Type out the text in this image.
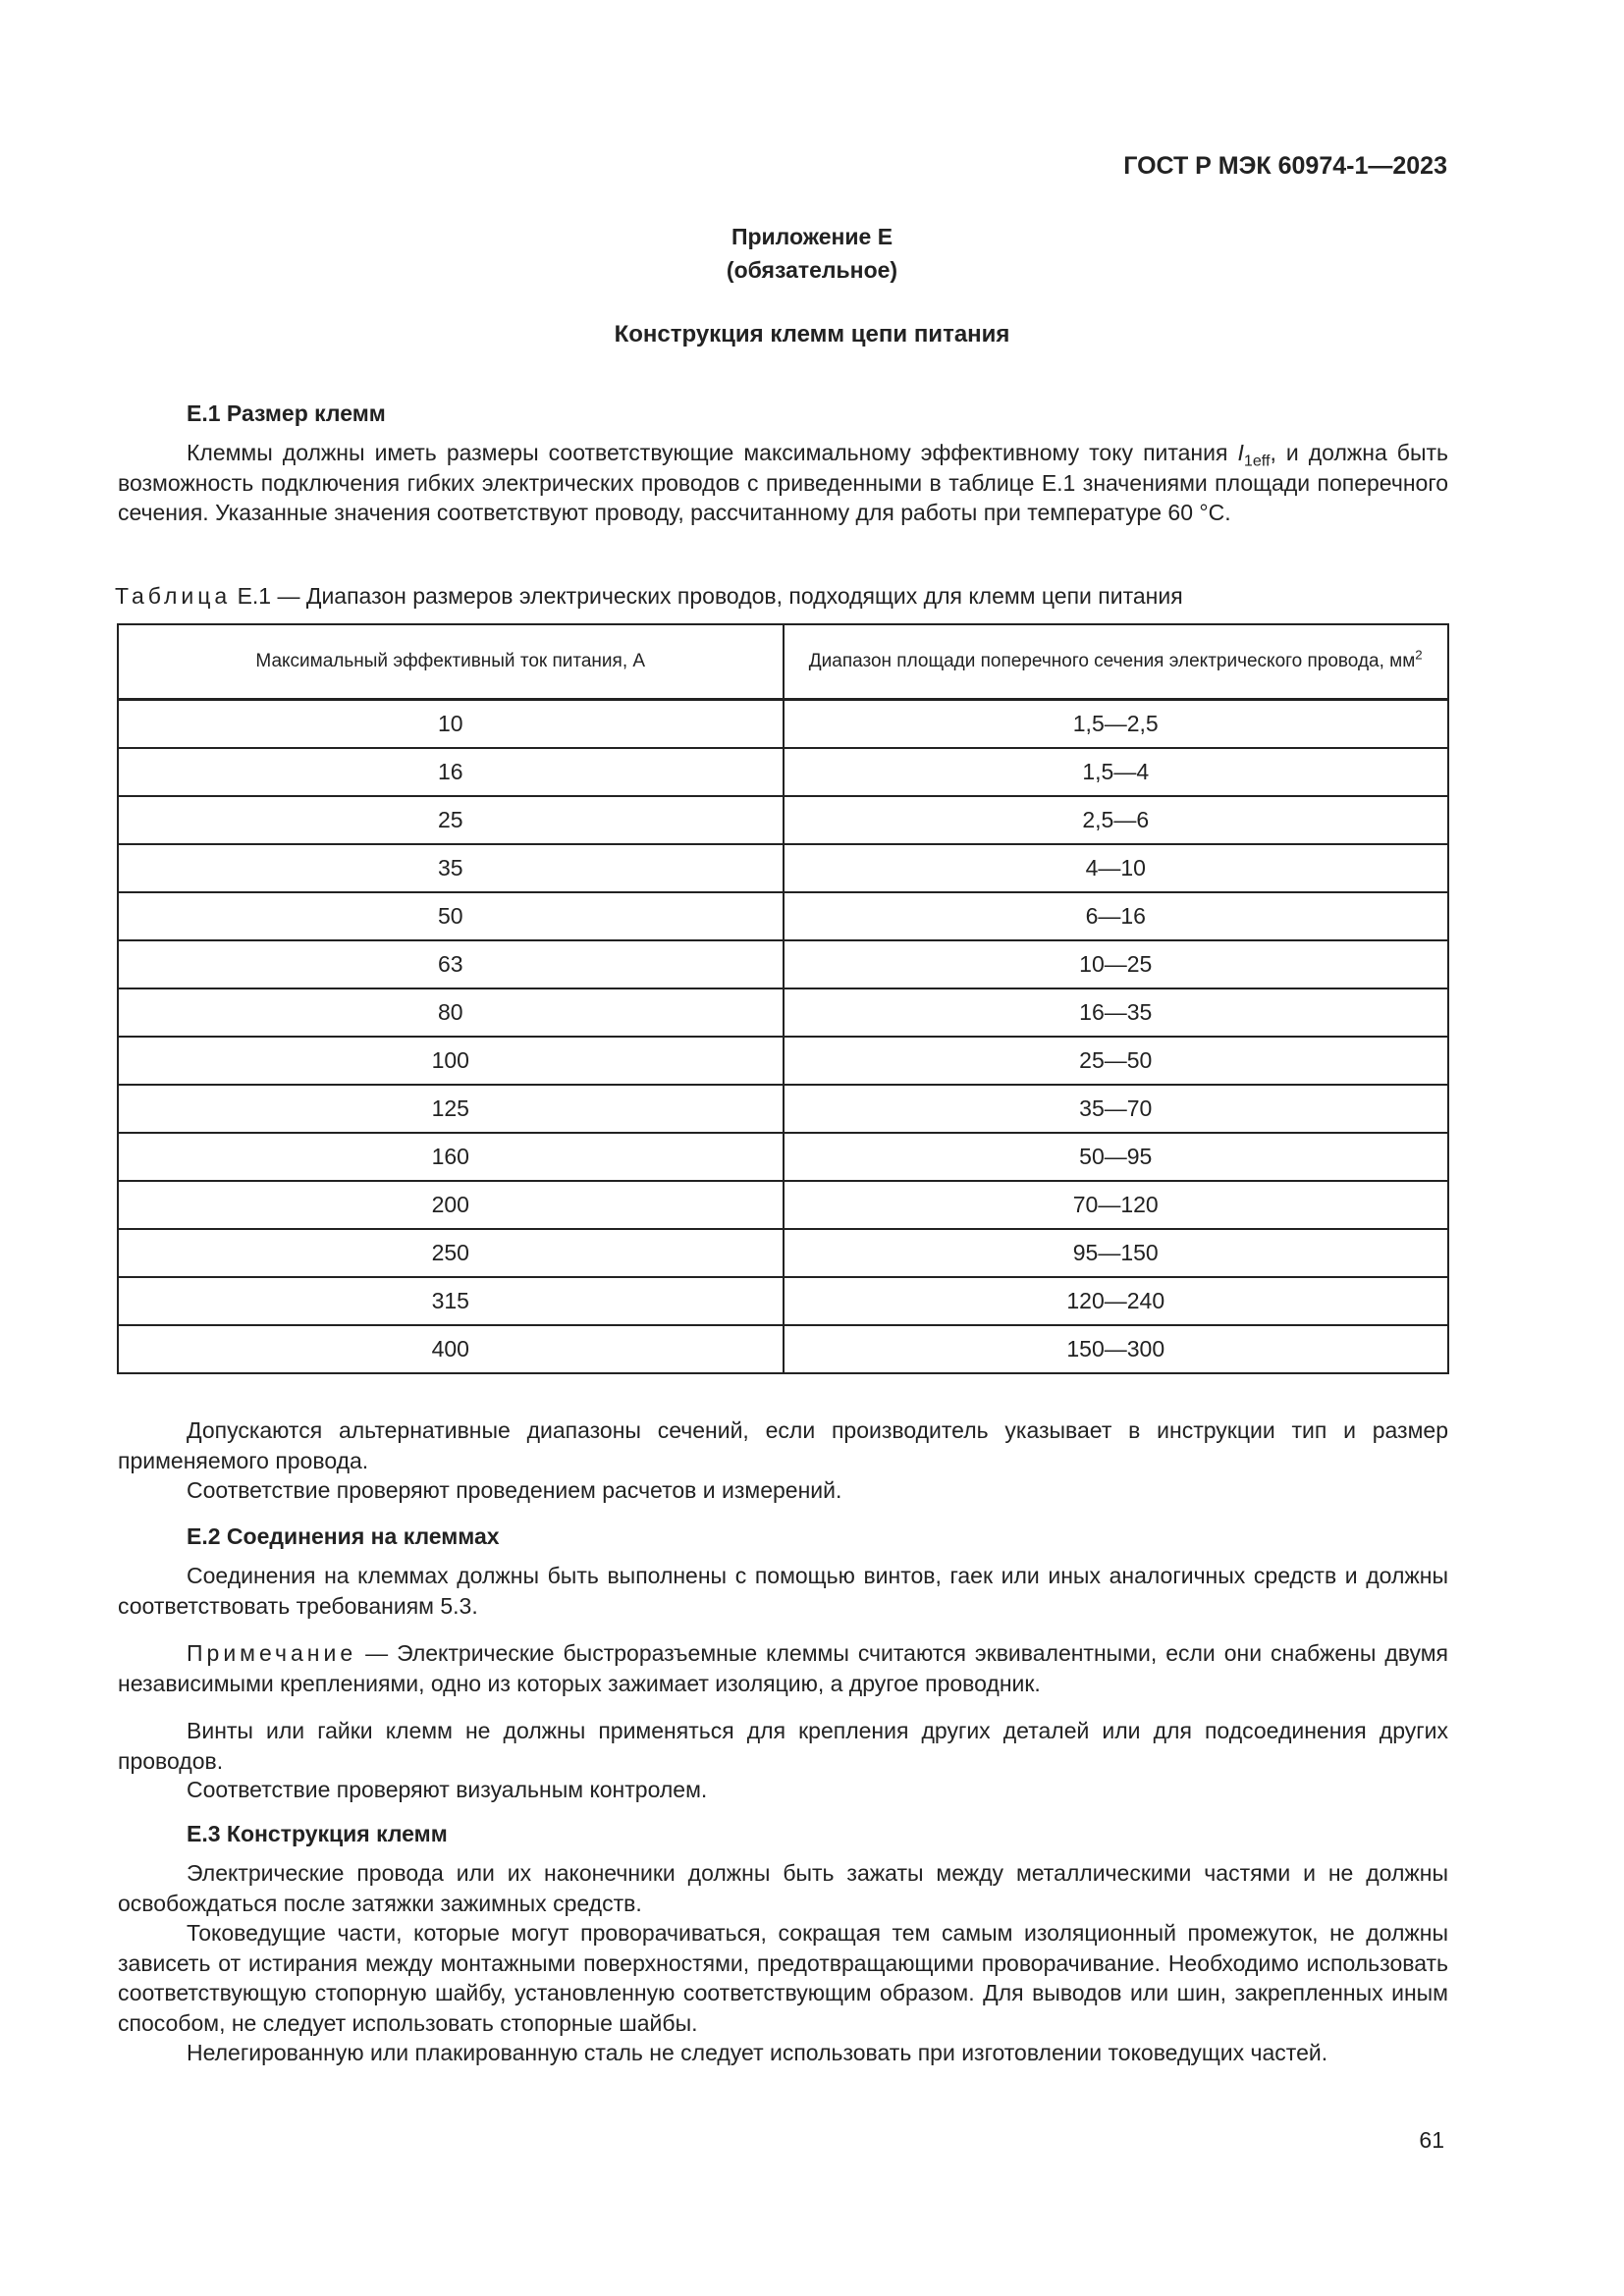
ГОСТ Р МЭК 60974-1—2023
Приложение Е
(обязательное)
Конструкция клемм цепи питания
Е.1 Размер клемм
Клеммы должны иметь размеры соответствующие максимальному эффективному току питания $I_{1eff}$, и должна быть возможность подключения гибких электрических проводов с приведенными в таблице Е.1 значениями площади поперечного сечения. Указанные значения соответствуют проводу, рассчитанному для работы при температуре 60 °С.
Таблица Е.1 — Диапазон размеров электрических проводов, подходящих для клемм цепи питания
Максимальный эффективный ток питания, А	Диапазон площади поперечного сечения электрического провода, $мм^2$
10	1,5—2,5
16	1,5—4
25	2,5—6
35	4—10
50	6—16
63	10—25
80	16—35
100	25—50
125	35—70
160	50—95
200	70—120
250	95—150
315	120—240
400	150—300
Допускаются альтернативные диапазоны сечений, если производитель указывает в инструкции тип и размер применяемого провода.
Соответствие проверяют проведением расчетов и измерений.
Е.2 Соединения на клеммах
Соединения на клеммах должны быть выполнены с помощью винтов, гаек или иных аналогичных средств и должны соответствовать требованиям 5.3.
Примечание — Электрические быстроразъемные клеммы считаются эквивалентными, если они снабжены двумя независимыми креплениями, одно из которых зажимает изоляцию, а другое проводник.
Винты или гайки клемм не должны применяться для крепления других деталей или для подсоединения других проводов.
Соответствие проверяют визуальным контролем.
Е.3 Конструкция клемм
Электрические провода или их наконечники должны быть зажаты между металлическими частями и не должны освобождаться после затяжки зажимных средств.
Токоведущие части, которые могут проворачиваться, сокращая тем самым изоляционный промежуток, не должны зависеть от истирания между монтажными поверхностями, предотвращающими проворачивание. Необходимо использовать соответствующую стопорную шайбу, установленную соответствующим образом. Для выводов или шин, закрепленных иным способом, не следует использовать стопорные шайбы.
Нелегированную или плакированную сталь не следует использовать при изготовлении токоведущих частей.
61
